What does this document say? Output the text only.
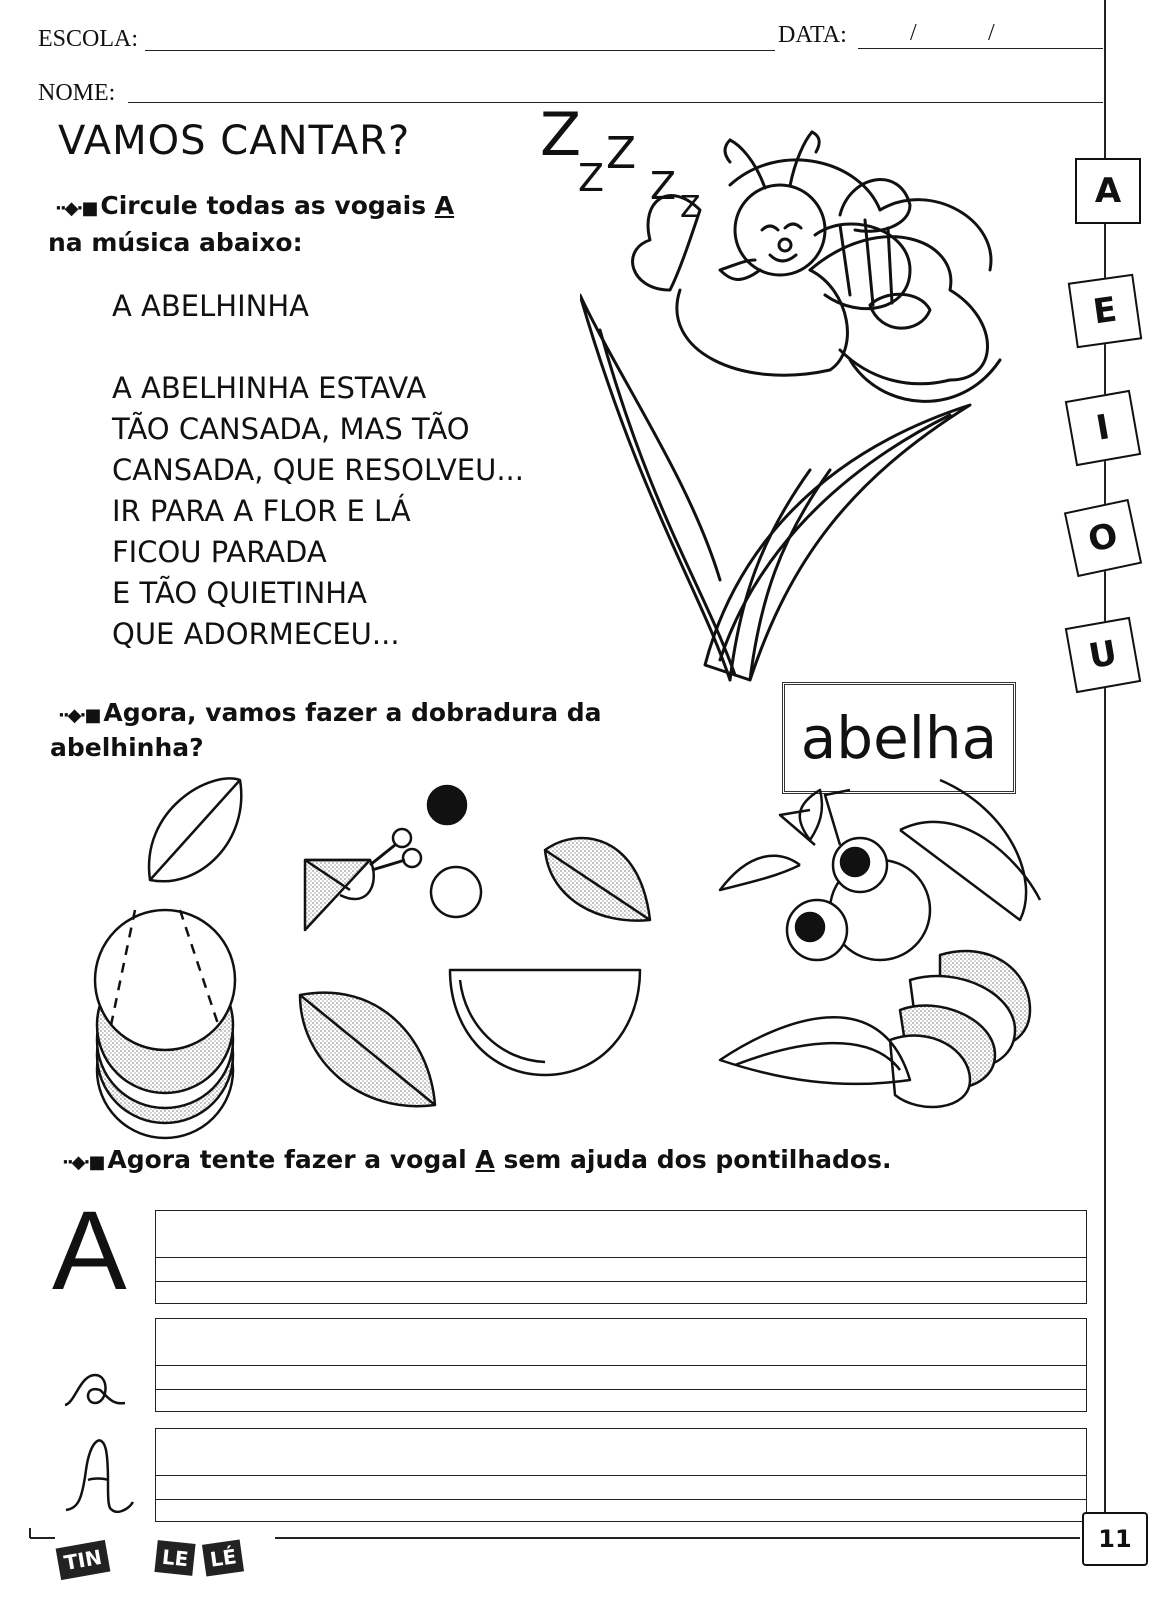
ESCOLA:	DATA:	/	/
NOME:
VAMOS CANTAR? Z Z
Z Z Z
··◆·■ Circule todas as vogais A
na música abaixo:
A ABELHINHA
A ABELHINHA ESTAVA
TÃO CANSADA, MAS TÃO
CANSADA, QUE RESOLVEU...
IR PARA A FLOR E LÁ
FICOU PARADA
E TÃO QUIETINHA
QUE ADORMECEU...
A
E
I
O
U
abelha
··◆·■ Agora, vamos fazer a dobradura da
abelhinha?
··◆·■ Agora tente fazer a vogal A sem ajuda dos pontilhados.
A
TIN	LE LÉ
11
